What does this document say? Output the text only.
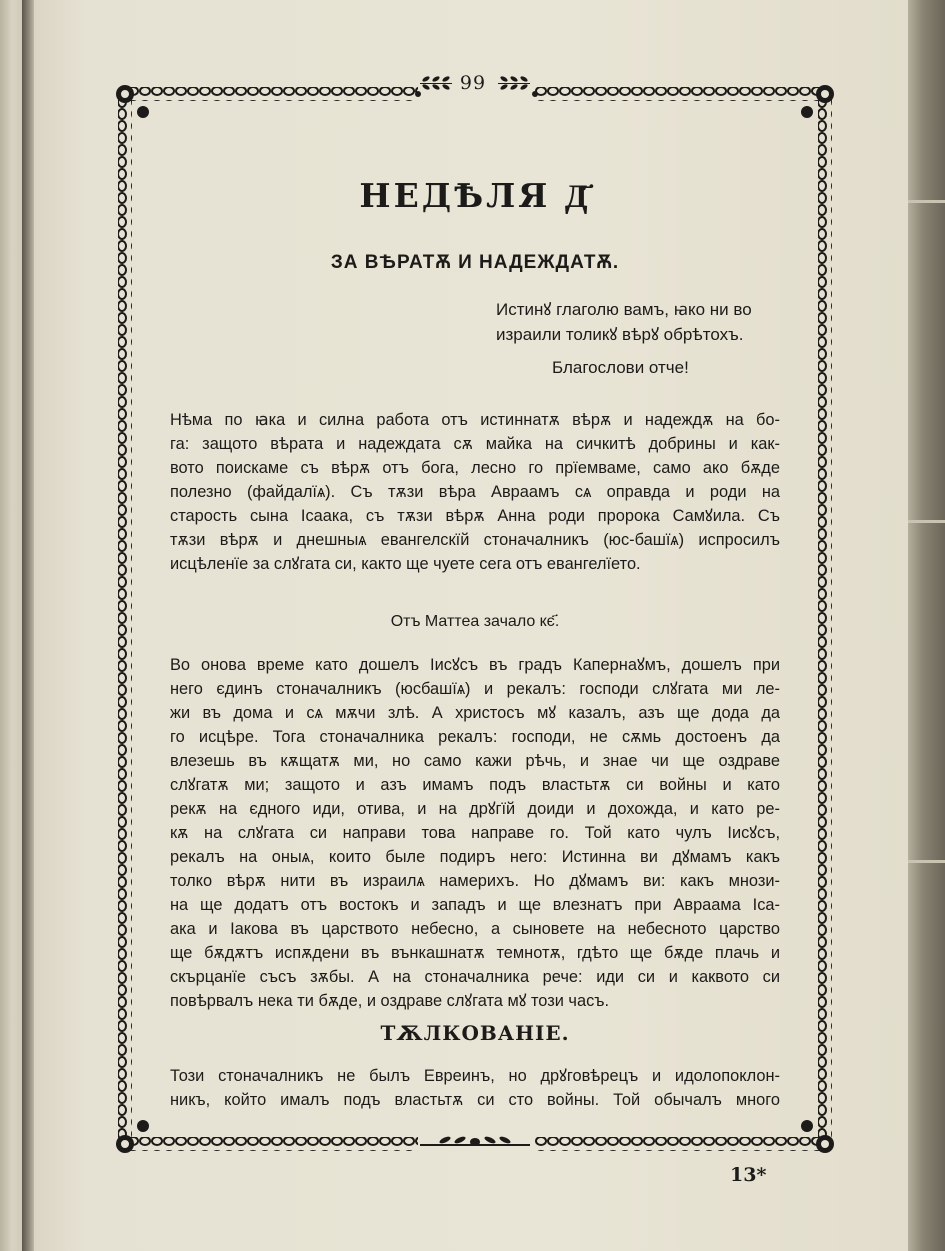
99
НЕДѢЛЯ Д҃
ЗА ВѢРАТѪ И НАДЕЖДАТѪ.
Истинꙋ глаголю вамъ, ꙗко ни во
израили толикꙋ вѣрꙋ обрѣтохъ.
Благослови отче!
Нѣма по ꙗка и силна работа отъ истиннатѫ вѣрѫ и надеждѫ на бо-
га: защото вѣрата и надеждата сѫ майка на сичкитѣ добрины и как-
вото поискаме съ вѣрѫ отъ бога, лесно го прїемваме, само ако бѫде
полезно (файдалїѧ). Съ тѫзи вѣра Авраамъ сѧ оправда и роди на
старость сына Ісаака, съ тѫзи вѣрѫ Анна роди пророка Самꙋила. Съ
тѫзи вѣрѫ и днешныѧ евангелскїй стоначалникъ (юс-башїѧ) испросилъ
исцѣленїе за слꙋгата си, както ще чуете сега отъ евангелїето.
Отъ Маттеа зачало кє҃.
Во онова време като дошелъ Іисꙋсъ въ градъ Капернаꙋмъ, дошелъ при
него єдинъ стоначалникъ (юсбашїѧ) и рекалъ: господи слꙋгата ми ле-
жи въ дома и сѧ мѫчи злѣ. А христосъ мꙋ казалъ, азъ ще дода да
го исцѣре. Тога стоначалника рекалъ: господи, не сѫмь достоенъ да
влезешь въ кѫщатѫ ми, но само кажи рѣчь, и знае чи ще оздраве
слꙋгатѫ ми; защото и азъ имамъ подъ властьтѫ си войны и като
рекѫ на єдного иди, отива, и на дрꙋгїй доиди и дохожда, и като ре-
кѫ на слꙋгата си направи това направе го. Той като чулъ Іисꙋсъ,
рекалъ на оныѧ, които быле подиръ него: Истинна ви дꙋмамъ какъ
толко вѣрѫ нити въ израилѧ намерихъ. Но дꙋмамъ ви: какъ мнози-
на ще додатъ отъ востокъ и западъ и ще влезнатъ при Авраама Іса-
ака и Іакова въ царството небесно, а сыновете на небесното царство
ще бѫдѫтъ испѫдени въ вънкашнатѫ темнотѫ, гдѣто ще бѫде плачь и
скърцанїе съсъ зѫбы. А на стоначалника рече: иди си и каквото си
повѣрвалъ нека ти бѫде, и оздраве слꙋгата мꙋ този часъ.
ТѪЛКОВАНІЕ.
Този стоначалникъ не былъ Евреинъ, но дрꙋговѣрецъ и идолопоклон-
никъ, който ималъ подъ властьтѫ си сто войны. Той обычалъ много
13*
